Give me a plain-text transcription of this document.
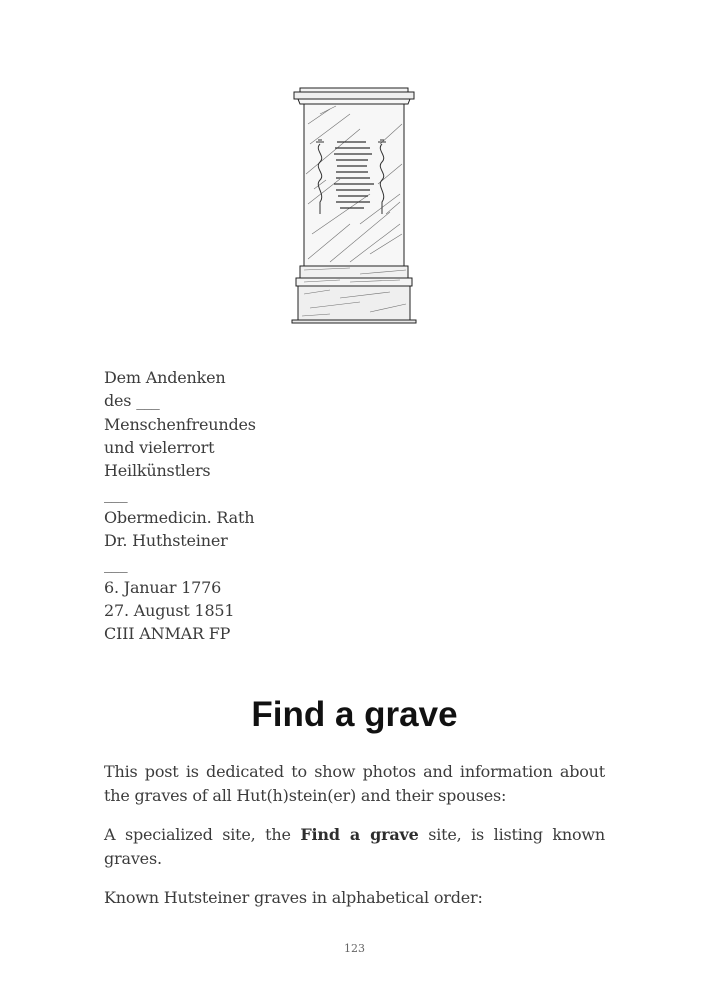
Dem Andenken
des ___
Menschenfreundes
und vielerrort
Heilkünstlers
___
Obermedicin. Rath
Dr. Huthsteiner
___
6. Januar 1776
27. August 1851
CIII ANMAR FP
Find a grave

This post is dedicated to show photos and information about the graves of all Hut(h)stein(er) and their spouses:

A specialized site, the Find a grave site, is listing known graves.

Known Hutsteiner graves in alphabetical order:

123
